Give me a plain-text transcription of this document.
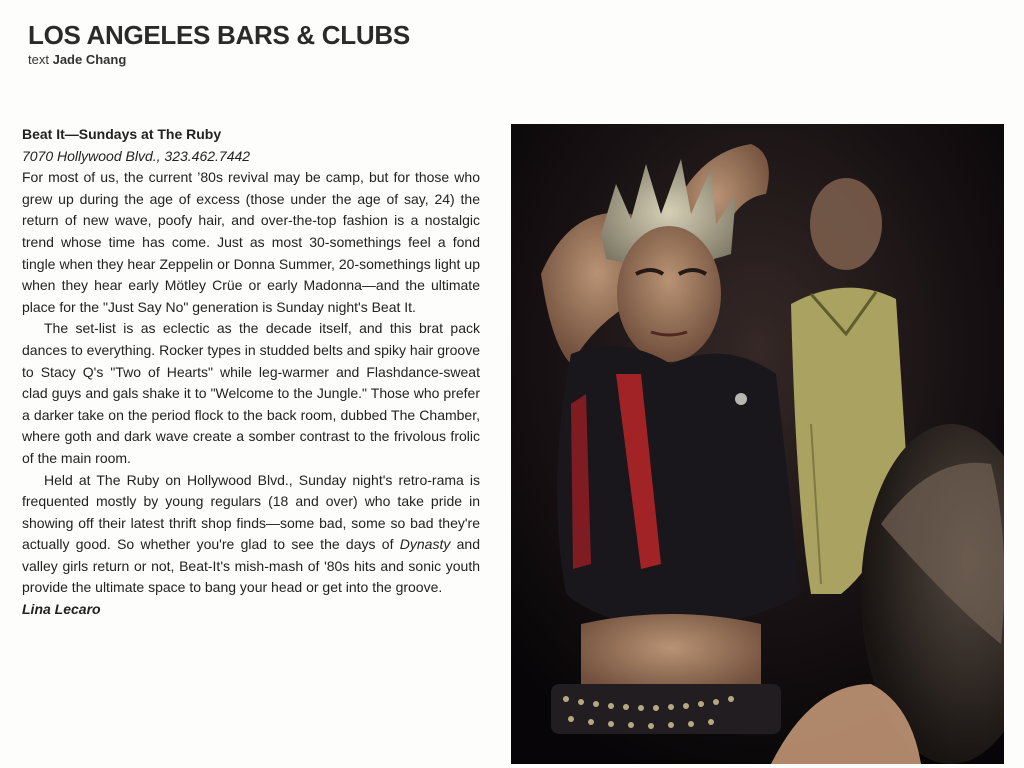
LOS ANGELES BARS & CLUBS
text Jade Chang

Beat It—Sundays at The Ruby

7070 Hollywood Blvd., 323.462.7442

For most of us, the current ’80s revival may be camp, but for those who grew up during the age of excess (those under the age of say, 24) the return of new wave, poofy hair, and over-the-top fashion is a nostalgic trend whose time has come. Just as most 30-somethings feel a fond tingle when they hear Zeppelin or Donna Summer, 20-somethings light up when they hear early Mötley Crüe or early Madonna—and the ultimate place for the "Just Say No" generation is Sunday night's Beat It.

The set-list is as eclectic as the decade itself, and this brat pack dances to everything. Rocker types in studded belts and spiky hair groove to Stacy Q's "Two of Hearts" while leg-warmer and Flashdance-sweat clad guys and gals shake it to "Welcome to the Jungle." Those who prefer a darker take on the period flock to the back room, dubbed The Chamber, where goth and dark wave create a somber contrast to the frivolous frolic of the main room.

Held at The Ruby on Hollywood Blvd., Sunday night's retro-rama is frequented mostly by young regulars (18 and over) who take pride in showing off their latest thrift shop finds—some bad, some so bad they're actually good. So whether you're glad to see the days of Dynasty and valley girls return or not, Beat-It's mish-mash of '80s hits and sonic youth provide the ultimate space to bang your head or get into the groove.

Lina Lecaro
